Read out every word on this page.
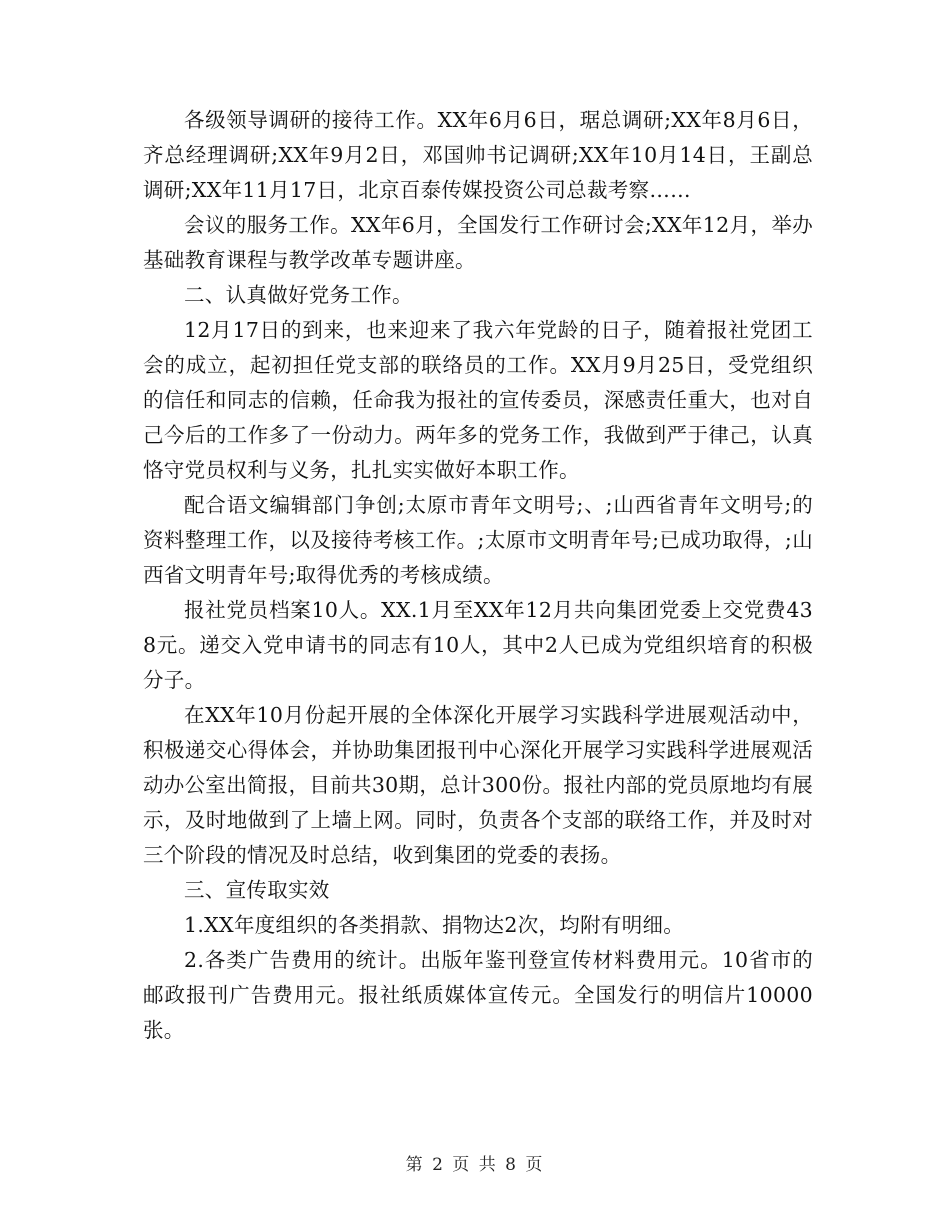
各级领导调研的接待工作。XX年6月6日，琚总调研;XX年8月6日，齐总经理调研;XX年9月2日，邓国帅书记调研;XX年10月14日，王副总调研;XX年11月17日，北京百泰传媒投资公司总裁考察……

会议的服务工作。XX年6月，全国发行工作研讨会;XX年12月，举办基础教育课程与教学改革专题讲座。

二、认真做好党务工作。

12月17日的到来，也来迎来了我六年党龄的日子，随着报社党团工会的成立，起初担任党支部的联络员的工作。XX月9月25日，受党组织的信任和同志的信赖，任命我为报社的宣传委员，深感责任重大，也对自己今后的工作多了一份动力。两年多的党务工作，我做到严于律己，认真恪守党员权利与义务，扎扎实实做好本职工作。

配合语文编辑部门争创;太原市青年文明号;、;山西省青年文明号;的资料整理工作，以及接待考核工作。;太原市文明青年号;已成功取得，;山西省文明青年号;取得优秀的考核成绩。

报社党员档案10人。XX.1月至XX年12月共向集团党委上交党费438元。递交入党申请书的同志有10人，其中2人已成为党组织培育的积极分子。

在XX年10月份起开展的全体深化开展学习实践科学进展观活动中，积极递交心得体会，并协助集团报刊中心深化开展学习实践科学进展观活动办公室出简报，目前共30期，总计300份。报社内部的党员原地均有展示，及时地做到了上墙上网。同时，负责各个支部的联络工作，并及时对三个阶段的情况及时总结，收到集团的党委的表扬。

三、宣传取实效

1.XX年度组织的各类捐款、捐物达2次，均附有明细。

2.各类广告费用的统计。出版年鉴刊登宣传材料费用元。10省市的邮政报刊广告费用元。报社纸质媒体宣传元。全国发行的明信片10000张。

第 2 页 共 8 页
